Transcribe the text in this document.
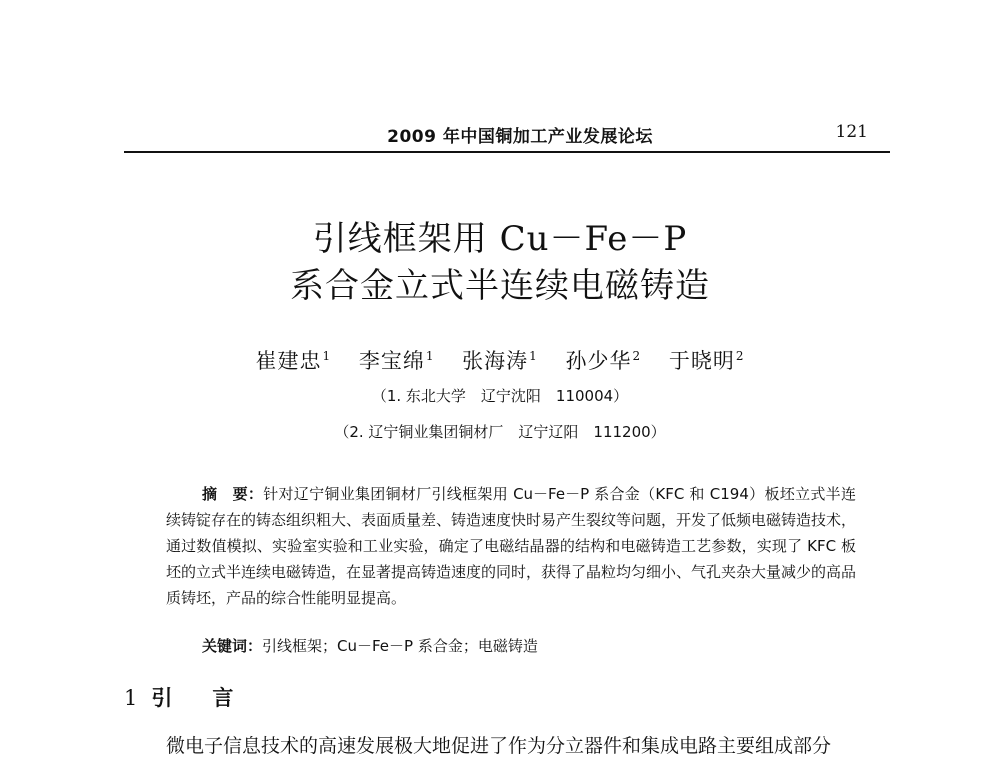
2009 年中国铜加工产业发展论坛	121
引线框架用 Cu－Fe－P
系合金立式半连续电磁铸造
崔建忠$^1$ 李宝绵$^1$ 张海涛$^1$ 孙少华$^2$ 于晓明$^2$
（1. 东北大学　辽宁沈阳　110004）
（2. 辽宁铜业集团铜材厂　辽宁辽阳　111200）
摘　要：针对辽宁铜业集团铜材厂引线框架用 Cu－Fe－P 系合金（KFC 和 C194）板坯立式半连续铸锭存在的铸态组织粗大、表面质量差、铸造速度快时易产生裂纹等问题，开发了低频电磁铸造技术，通过数值模拟、实验室实验和工业实验，确定了电磁结晶器的结构和电磁铸造工艺参数，实现了 KFC 板坯的立式半连续电磁铸造，在显著提高铸造速度的同时，获得了晶粒均匀细小、气孔夹杂大量减少的高品质铸坯，产品的综合性能明显提高。
关键词：引线框架；Cu－Fe－P 系合金；电磁铸造
1 引 言
微电子信息技术的高速发展极大地促进了作为分立器件和集成电路主要组成部分
